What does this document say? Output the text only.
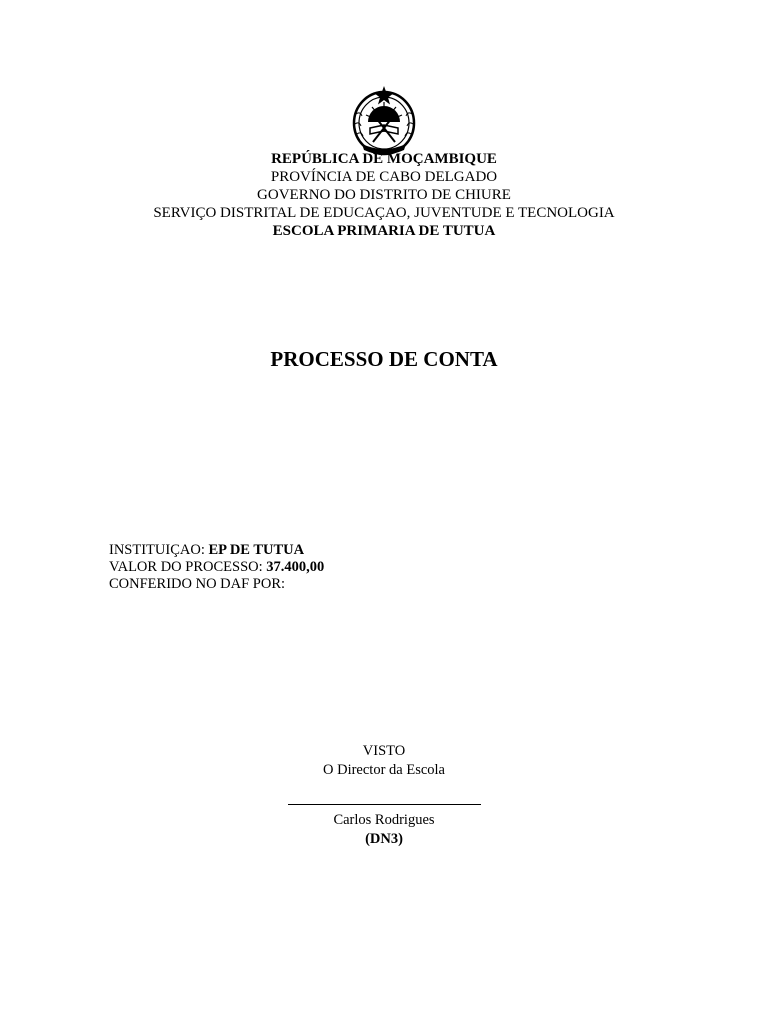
REPÚBLICA DE MOÇAMBIQUE
PROVÍNCIA DE CABO DELGADO
GOVERNO DO DISTRITO DE CHIURE
SERVIÇO DISTRITAL DE EDUCAÇAO, JUVENTUDE E TECNOLOGIA
ESCOLA PRIMARIA DE TUTUA
PROCESSO DE CONTA
INSTITUIÇAO: EP DE TUTUA
VALOR DO PROCESSO: 37.400,00
CONFERIDO NO DAF POR:
VISTO
O Director da Escola
Carlos Rodrigues
(DN3)
